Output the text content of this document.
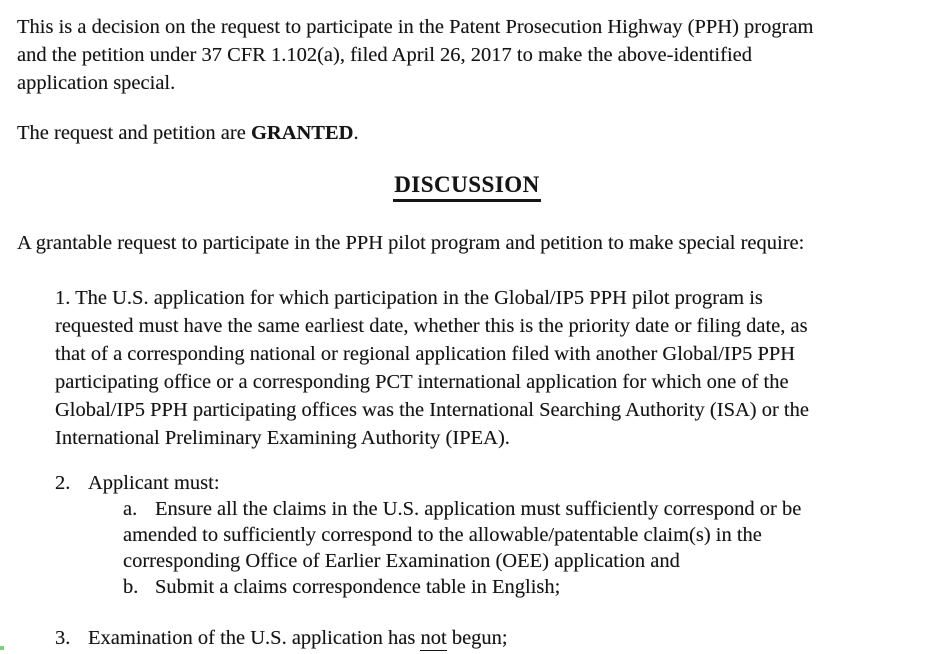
This is a decision on the request to participate in the Patent Prosecution Highway (PPH) program
and the petition under 37 CFR 1.102(a), filed April 26, 2017 to make the above-identified
application special.
The request and petition are GRANTED.
DISCUSSION
A grantable request to participate in the PPH pilot program and petition to make special require:
1. The U.S. application for which participation in the Global/IP5 PPH pilot program is
requested must have the same earliest date, whether this is the priority date or filing date, as
that of a corresponding national or regional application filed with another Global/IP5 PPH
participating office or a corresponding PCT international application for which one of the
Global/IP5 PPH participating offices was the International Searching Authority (ISA) or the
International Preliminary Examining Authority (IPEA).
2. Applicant must:
a. Ensure all the claims in the U.S. application must sufficiently correspond or be
amended to sufficiently correspond to the allowable/patentable claim(s) in the
corresponding Office of Earlier Examination (OEE) application and
b. Submit a claims correspondence table in English;
3. Examination of the U.S. application has not begun;
